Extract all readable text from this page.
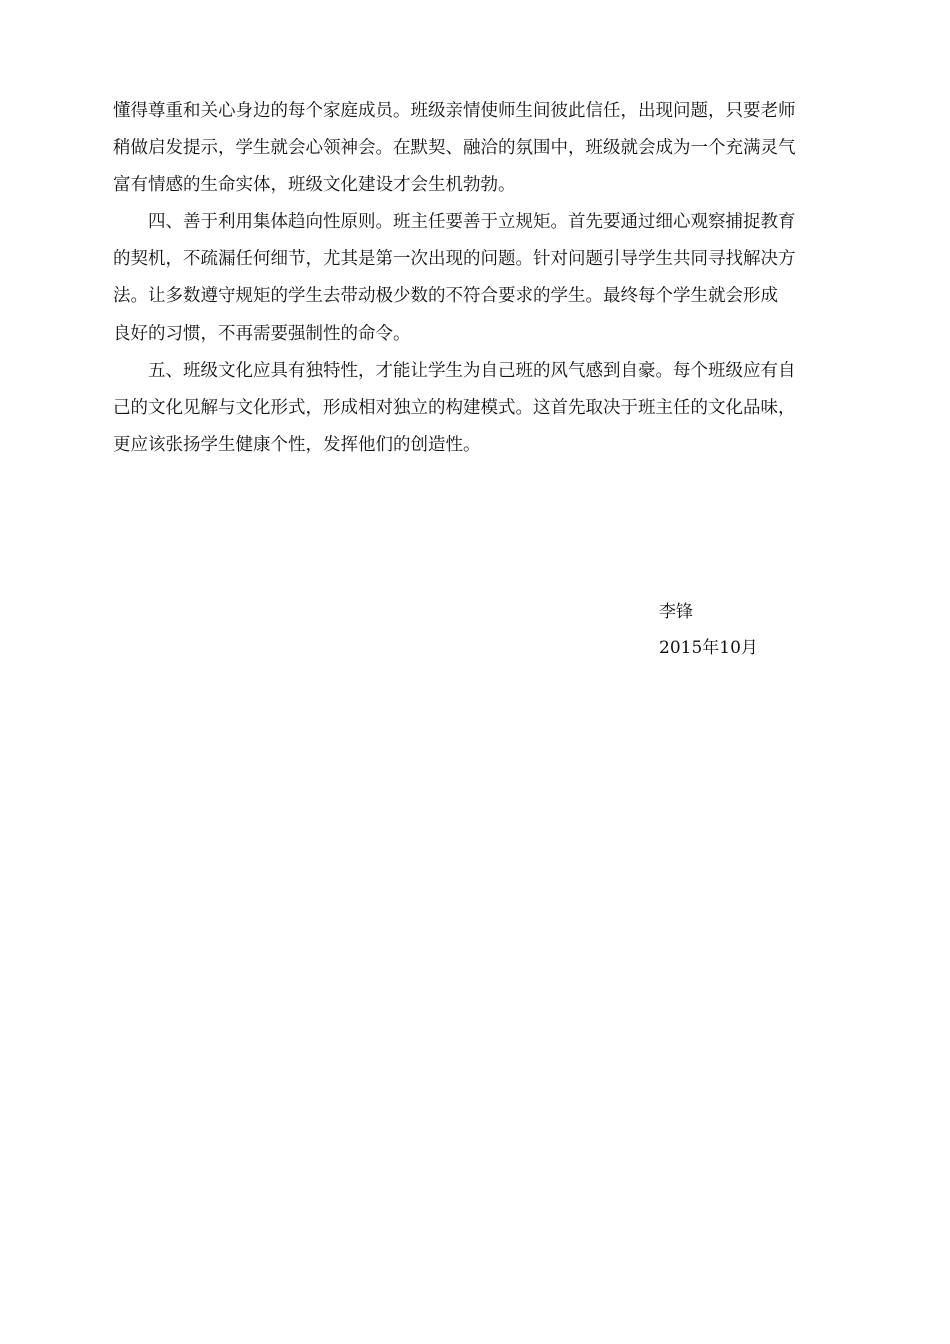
懂得尊重和关心身边的每个家庭成员。班级亲情使师生间彼此信任，出现问题，只要老师
稍做启发提示，学生就会心领神会。在默契、融洽的氛围中，班级就会成为一个充满灵气
富有情感的生命实体，班级文化建设才会生机勃勃。
　　四、善于利用集体趋向性原则。班主任要善于立规矩。首先要通过细心观察捕捉教育
的契机，不疏漏任何细节，尤其是第一次出现的问题。针对问题引导学生共同寻找解决方
法。让多数遵守规矩的学生去带动极少数的不符合要求的学生。最终每个学生就会形成
良好的习惯，不再需要强制性的命令。
　　五、班级文化应具有独特性，才能让学生为自己班的风气感到自豪。每个班级应有自
己的文化见解与文化形式，形成相对独立的构建模式。这首先取决于班主任的文化品味，
更应该张扬学生健康个性，发挥他们的创造性。
李锋
2015年10月
